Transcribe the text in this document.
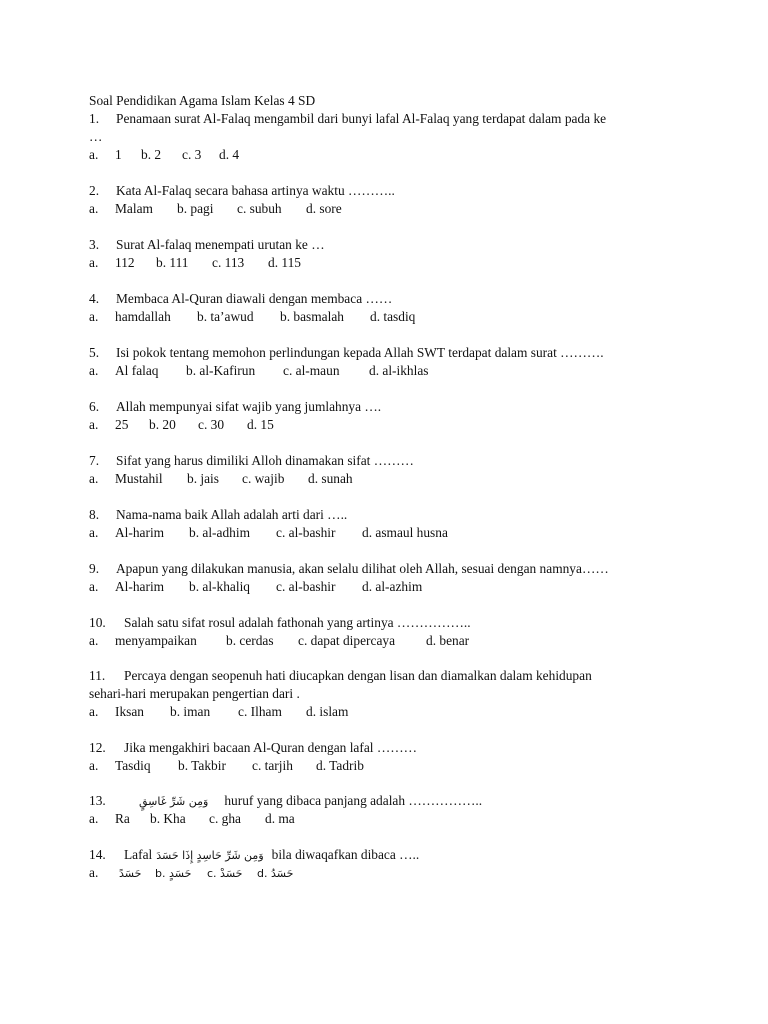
Soal Pendidikan Agama Islam Kelas 4 SD
1. Penamaan surat Al-Falaq mengambil dari bunyi lafal Al-Falaq yang terdapat dalam pada ke
…
a. 1 b. 2 c. 3 d. 4
2. Kata Al-Falaq secara bahasa artinya waktu ………..
a. Malam b. pagi c. subuh d. sore
3. Surat Al-falaq menempati urutan ke …
a. 112 b. 111 c. 113 d. 115
4. Membaca Al-Quran diawali dengan membaca ……
a. hamdallah b. ta’awud b. basmalah d. tasdiq
5. Isi pokok tentang memohon perlindungan kepada Allah SWT terdapat dalam surat ……….
a. Al falaq b. al-Kafirun c. al-maun d. al-ikhlas
6. Allah mempunyai sifat wajib yang jumlahnya ….
a. 25 b. 20 c. 30 d. 15
7. Sifat yang harus dimiliki Alloh dinamakan sifat ………
a. Mustahil b. jais c. wajib d. sunah
8. Nama-nama baik Allah adalah arti dari …..
a. Al-harim b. al-adhim c. al-bashir d. asmaul husna
9. Apapun yang dilakukan manusia, akan selalu dilihat oleh Allah, sesuai dengan namnya……
a. Al-harim b. al-khaliq c. al-bashir d. al-azhim
10. Salah satu sifat rosul adalah fathonah yang artinya ……………..
a. menyampaikan b. cerdas c. dapat dipercaya d. benar
11. Percaya dengan seopenuh hati diucapkan dengan lisan dan diamalkan dalam kehidupan
sehari-hari merupakan pengertian dari .
a. Iksan b. iman c. Ilham d. islam
12. Jika mengakhiri bacaan Al-Quran dengan lafal ………
a. Tasdiq b. Takbir c. tarjih d. Tadrib
13.	وَمِن شَرِّ غَاسِقٍ huruf yang dibaca panjang adalah ……………..
a. Ra b. Kha c. gha d. ma
14. Lafal وَمِن شَرِّ حَاسِدٍ إِذَا حَسَدَ bila diwaqafkan dibaca …..
a. حَسَدً b. حَسَدٍ c. حَسَدْ d. حَسَدُ
